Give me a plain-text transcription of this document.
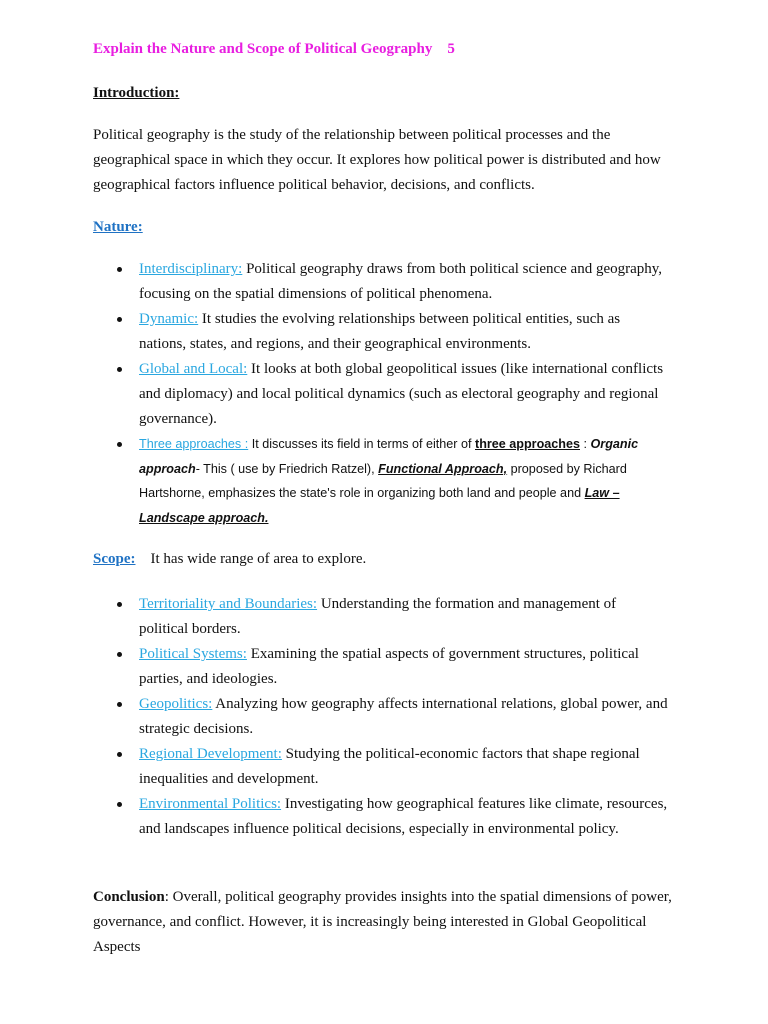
Explain the Nature and Scope of Political Geography    5
Introduction:
Political geography is the study of the relationship between political processes and the geographical space in which they occur. It explores how political power is distributed and how geographical factors influence political behavior, decisions, and conflicts.
Nature:
Interdisciplinary: Political geography draws from both political science and geography, focusing on the spatial dimensions of political phenomena.
Dynamic: It studies the evolving relationships between political entities, such as nations, states, and regions, and their geographical environments.
Global and Local: It looks at both global geopolitical issues (like international conflicts and diplomacy) and local political dynamics (such as electoral geography and regional governance).
Three approaches : It discusses its field in terms of either of three approaches : Organic approach- This ( use by Friedrich Ratzel), Functional Approach, proposed by Richard Hartshorne, emphasizes the state's role in organizing both land and people and Law – Landscape approach.
Scope:    It has wide range of area to explore.
Territoriality and Boundaries: Understanding the formation and management of political borders.
Political Systems: Examining the spatial aspects of government structures, political parties, and ideologies.
Geopolitics: Analyzing how geography affects international relations, global power, and strategic decisions.
Regional Development: Studying the political-economic factors that shape regional inequalities and development.
Environmental Politics: Investigating how geographical features like climate, resources, and landscapes influence political decisions, especially in environmental policy.
Conclusion: Overall, political geography provides insights into the spatial dimensions of power, governance, and conflict. However, it is increasingly being interested in Global Geopolitical Aspects
